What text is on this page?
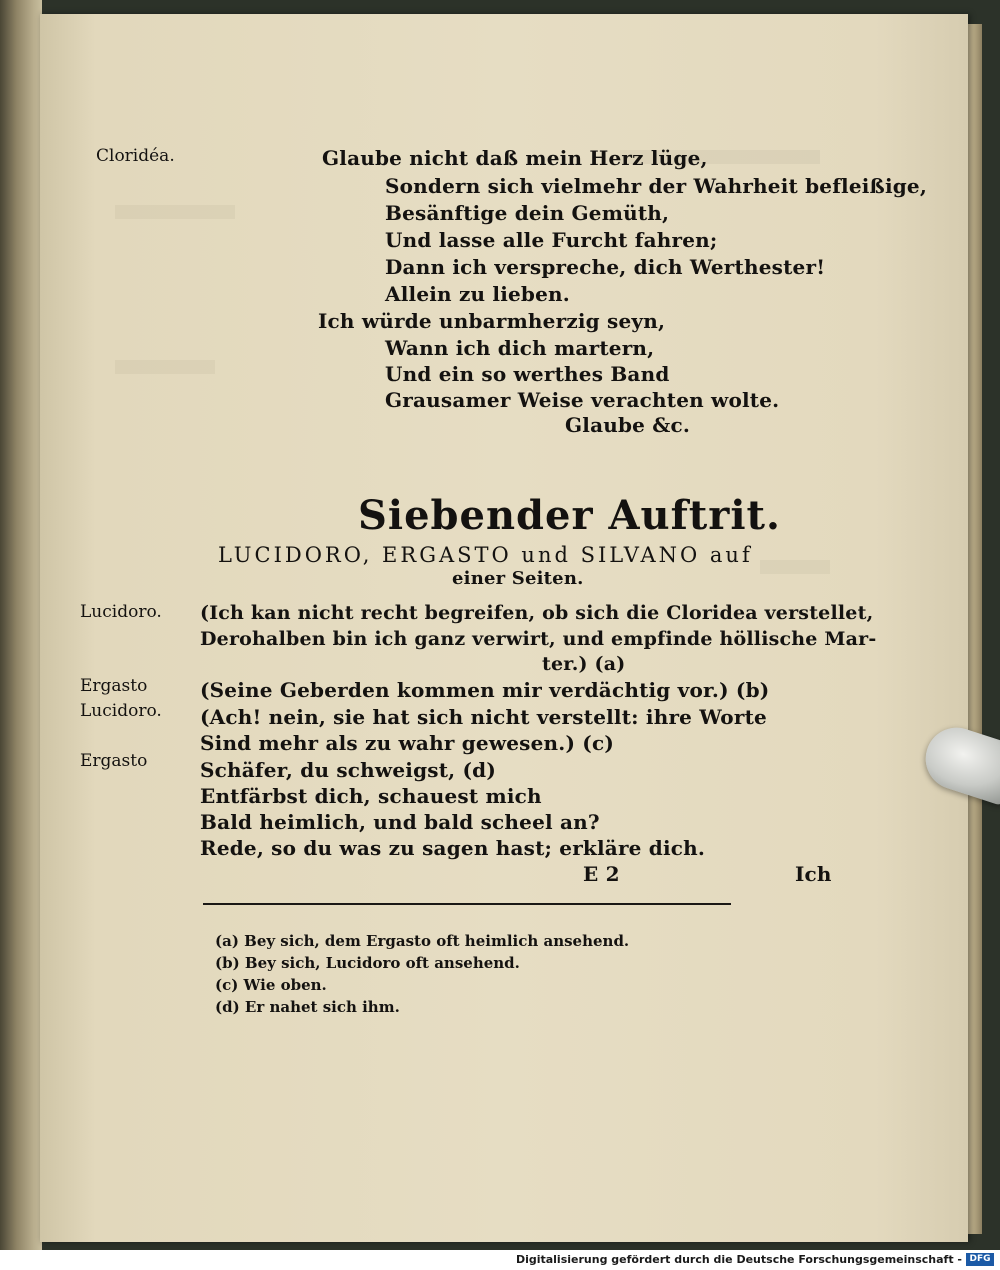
Cloridéa.	Glaube nicht daß mein Herz lüge,
Sondern sich vielmehr der Wahrheit befleißige,
Besänftige dein Gemüth,
Und lasse alle Furcht fahren;
Dann ich verspreche, dich Werthester!
Allein zu lieben.
Ich würde unbarmherzig seyn,
Wann ich dich martern,
Und ein so werthes Band
Grausamer Weise verachten wolte.
Glaube &c.
Siebender Auftrit.
LUCIDORO, ERGASTO und SILVANO auf
einer Seiten.
Lucidoro.
Ergasto
Lucidoro.
Ergasto
(Ich kan nicht recht begreifen, ob sich die Cloridea verstellet,
Derohalben bin ich ganz verwirt, und empfinde höllische Mar-
ter.) (a)
(Seine Geberden kommen mir verdächtig vor.) (b)
(Ach! nein, sie hat sich nicht verstellt: ihre Worte
Sind mehr als zu wahr gewesen.) (c)
Schäfer, du schweigst, (d)
Entfärbst dich, schauest mich
Bald heimlich, und bald scheel an?
Rede, so du was zu sagen hast; erkläre dich.
E 2	Ich
(a) Bey sich, dem Ergasto oft heimlich ansehend.
(b) Bey sich, Lucidoro oft ansehend.
(c) Wie oben.
(d) Er nahet sich ihm.
Digitalisierung gefördert durch die Deutsche Forschungsgemeinschaft - DFG
